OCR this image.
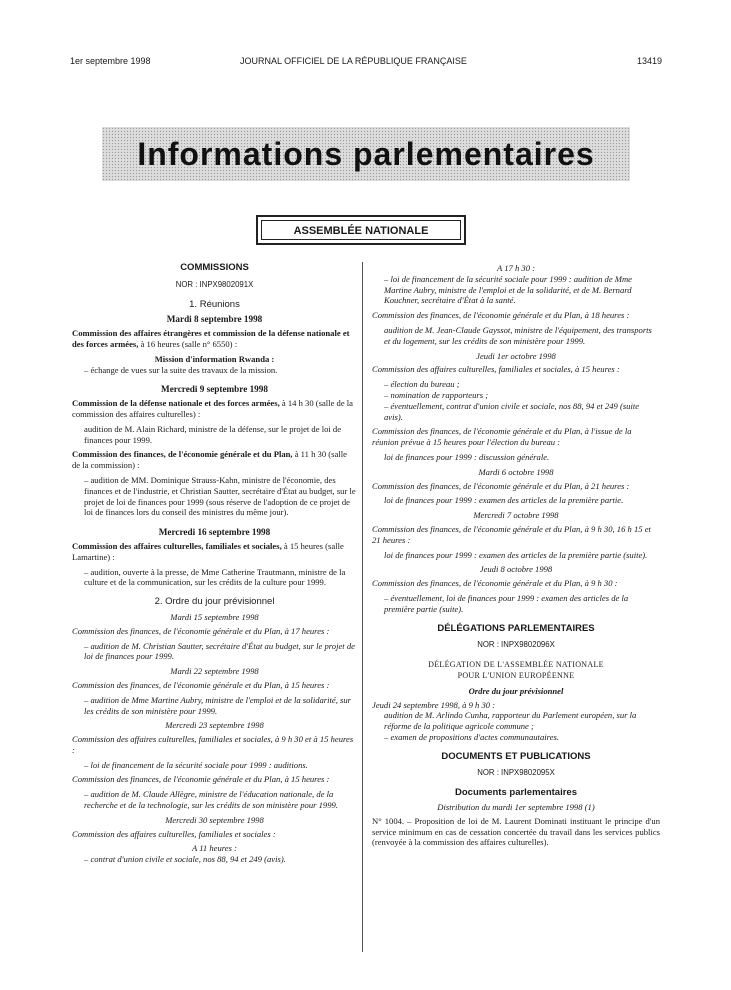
1er septembre 1998	JOURNAL OFFICIEL DE LA RÉPUBLIQUE FRANÇAISE	13419
Informations parlementaires
ASSEMBLÉE NATIONALE
COMMISSIONS
NOR : INPX9802091X
1. Réunions
Mardi 8 septembre 1998

Commission des affaires étrangères et commission de la défense nationale et des forces armées, à 16 heures (salle n° 6550) :

Mission d'information Rwanda :

– échange de vues sur la suite des travaux de la mission.

Mercredi 9 septembre 1998

Commission de la défense nationale et des forces armées, à 14 h 30 (salle de la commission des affaires culturelles) :

audition de M. Alain Richard, ministre de la défense, sur le projet de loi de finances pour 1999.

Commission des finances, de l'économie générale et du Plan, à 11 h 30 (salle de la commission) :

– audition de MM. Dominique Strauss-Kahn, ministre de l'économie, des finances et de l'industrie, et Christian Sautter, secrétaire d'État au budget, sur le projet de loi de finances pour 1999 (sous réserve de l'adoption de ce projet de loi de finances lors du conseil des ministres du même jour).

Mercredi 16 septembre 1998

Commission des affaires culturelles, familiales et sociales, à 15 heures (salle Lamartine) :

– audition, ouverte à la presse, de Mme Catherine Trautmann, ministre de la culture et de la communication, sur les crédits de la culture pour 1999.

2. Ordre du jour prévisionnel
Mardi 15 septembre 1998

Commission des finances, de l'économie générale et du Plan, à 17 heures :

– audition de M. Christian Sautter, secrétaire d'État au budget, sur le projet de loi de finances pour 1999.

Mardi 22 septembre 1998

Commission des finances, de l'économie générale et du Plan, à 15 heures :

– audition de Mme Martine Aubry, ministre de l'emploi et de la solidarité, sur les crédits de son ministère pour 1999.

Mercredi 23 septembre 1998

Commission des affaires culturelles, familiales et sociales, à 9 h 30 et à 15 heures :

– loi de financement de la sécurité sociale pour 1999 : auditions.

Commission des finances, de l'économie générale et du Plan, à 15 heures :

– audition de M. Claude Allègre, ministre de l'éducation nationale, de la recherche et de la technologie, sur les crédits de son ministère pour 1999.

Mercredi 30 septembre 1998

Commission des affaires culturelles, familiales et sociales :

A 11 heures :

– contrat d'union civile et sociale, nos 88, 94 et 249 (avis).

A 17 h 30 :

– loi de financement de la sécurité sociale pour 1999 : audition de Mme Martine Aubry, ministre de l'emploi et de la solidarité, et de M. Bernard Kouchner, secrétaire d'État à la santé.

Commission des finances, de l'économie générale et du Plan, à 18 heures :

audition de M. Jean-Claude Gayssot, ministre de l'équipement, des transports et du logement, sur les crédits de son ministère pour 1999.

Jeudi 1er octobre 1998

Commission des affaires culturelles, familiales et sociales, à 15 heures :

– élection du bureau ;
– nomination de rapporteurs ;

– éventuellement, contrat d'union civile et sociale, nos 88, 94 et 249 (suite avis).

Commission des finances, de l'économie générale et du Plan, à l'issue de la réunion prévue à 15 heures pour l'élection du bureau :

loi de finances pour 1999 : discussion générale.

Mardi 6 octobre 1998

Commission des finances, de l'économie générale et du Plan, à 21 heures :

loi de finances pour 1999 : examen des articles de la première partie.

Mercredi 7 octobre 1998

Commission des finances, de l'économie générale et du Plan, à 9 h 30, 16 h 15 et 21 heures :

loi de finances pour 1999 : examen des articles de la première partie (suite).

Jeudi 8 octobre 1998

Commission des finances, de l'économie générale et du Plan, à 9 h 30 :

– éventuellement, loi de finances pour 1999 : examen des articles de la première partie (suite).

DÉLÉGATIONS PARLEMENTAIRES
NOR : INPX9802096X
DÉLÉGATION DE L'ASSEMBLÉE NATIONALE
POUR L'UNION EUROPÉENNE
Ordre du jour prévisionnel
Jeudi 24 septembre 1998, à 9 h 30 :

audition de M. Arlindo Cunha, rapporteur du Parlement européen, sur la réforme de la politique agricole commune ;

– examen de propositions d'actes communautaires.

DOCUMENTS ET PUBLICATIONS
NOR : INPX9802095X
Documents parlementaires
Distribution du mardi 1er septembre 1998 (1)

N° 1004. – Proposition de loi de M. Laurent Dominati instituant le principe d'un service minimum en cas de cessation concertée du travail dans les services publics (renvoyée à la commission des affaires culturelles).
